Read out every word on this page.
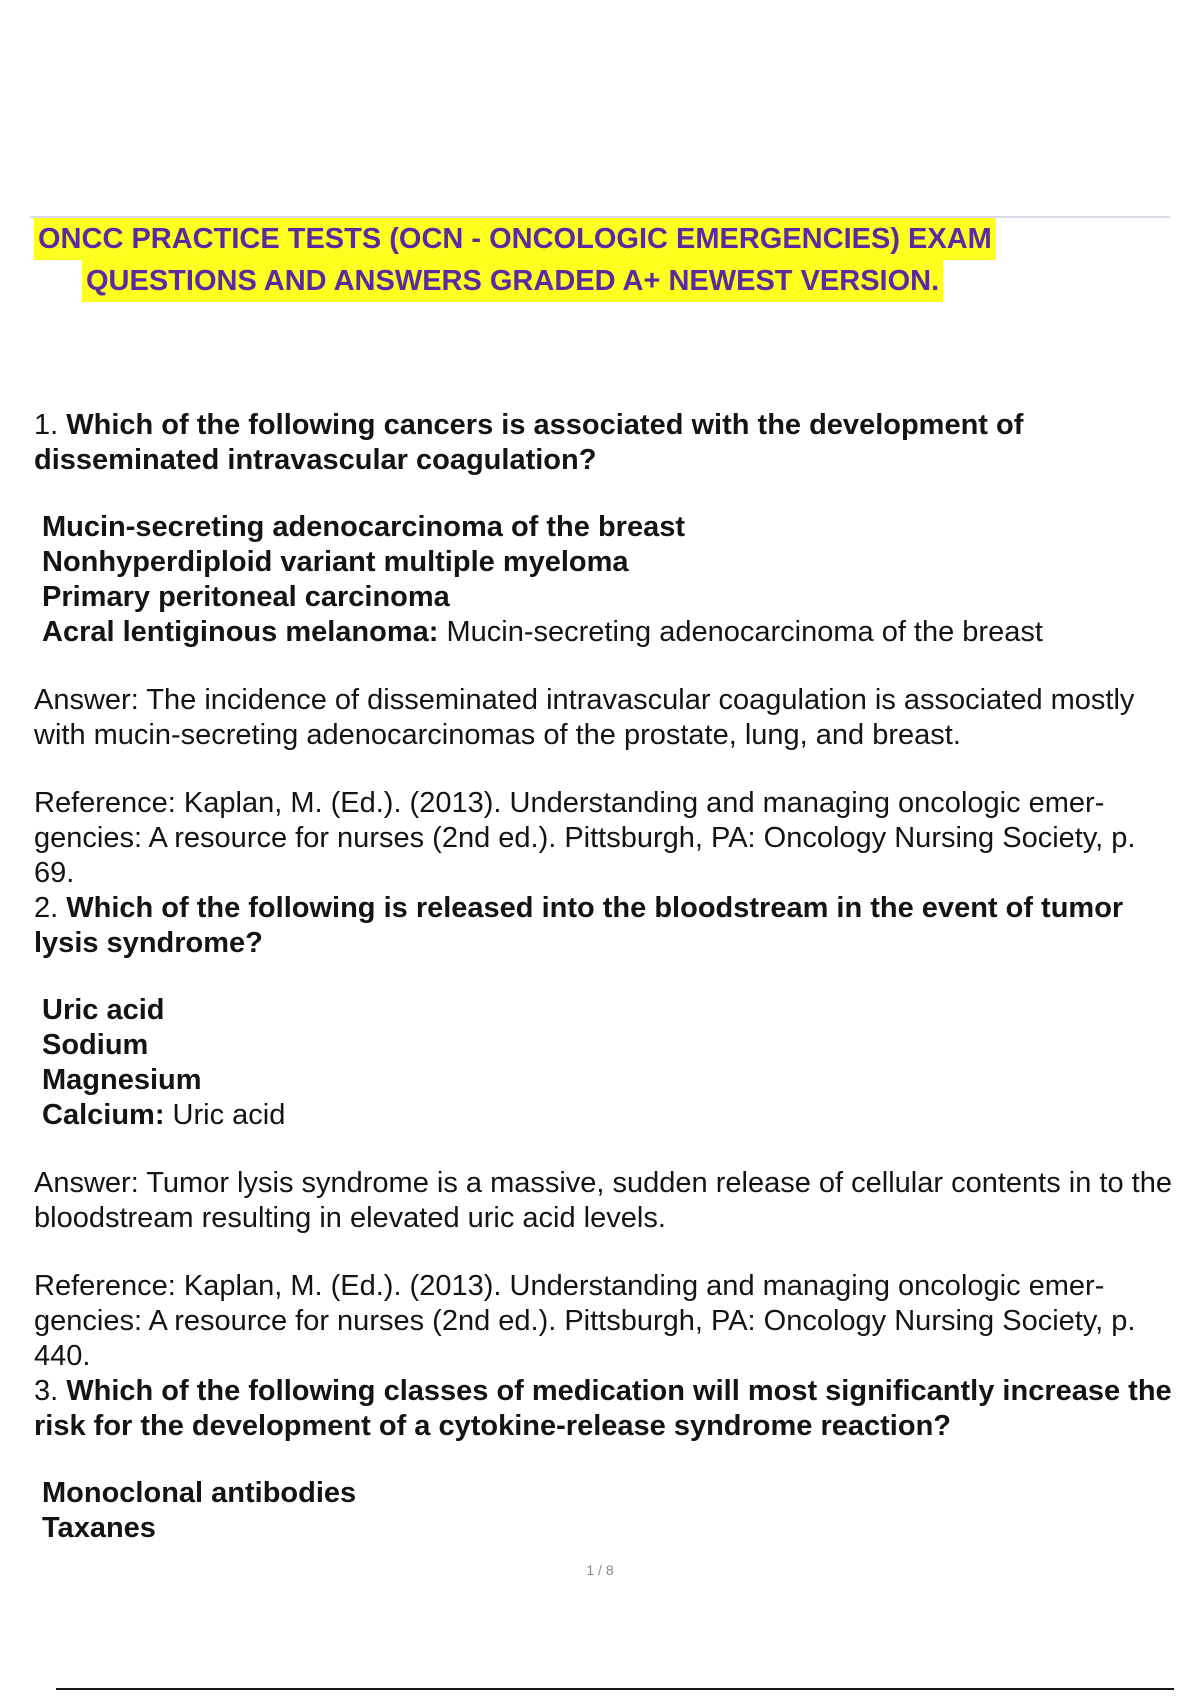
ONCC PRACTICE TESTS (OCN - ONCOLOGIC EMERGENCIES) EXAM
QUESTIONS AND ANSWERS GRADED A+ NEWEST VERSION.

1. Which of the following cancers is associated with the development of disseminated intravascular coagulation?

Mucin-secreting adenocarcinoma of the breast
Nonhyperdiploid variant multiple myeloma
Primary peritoneal carcinoma
Acral lentiginous melanoma: Mucin-secreting adenocarcinoma of the breast

Answer: The incidence of disseminated intravascular coagulation is associated mostly with mucin-secreting adenocarcinomas of the prostate, lung, and breast.

Reference: Kaplan, M. (Ed.). (2013). Understanding and managing oncologic emer- gencies: A resource for nurses (2nd ed.). Pittsburgh, PA: Oncology Nursing Society, p. 69.

2. Which of the following is released into the bloodstream in the event of tumor lysis syndrome?

Uric acid
Sodium
Magnesium
Calcium: Uric acid

Answer: Tumor lysis syndrome is a massive, sudden release of cellular contents in to the bloodstream resulting in elevated uric acid levels.

Reference: Kaplan, M. (Ed.). (2013). Understanding and managing oncologic emer- gencies: A resource for nurses (2nd ed.). Pittsburgh, PA: Oncology Nursing Society, p. 440.

3. Which of the following classes of medication will most significantly increase the risk for the development of a cytokine-release syndrome reaction?

Monoclonal antibodies
Taxanes
1 / 8
